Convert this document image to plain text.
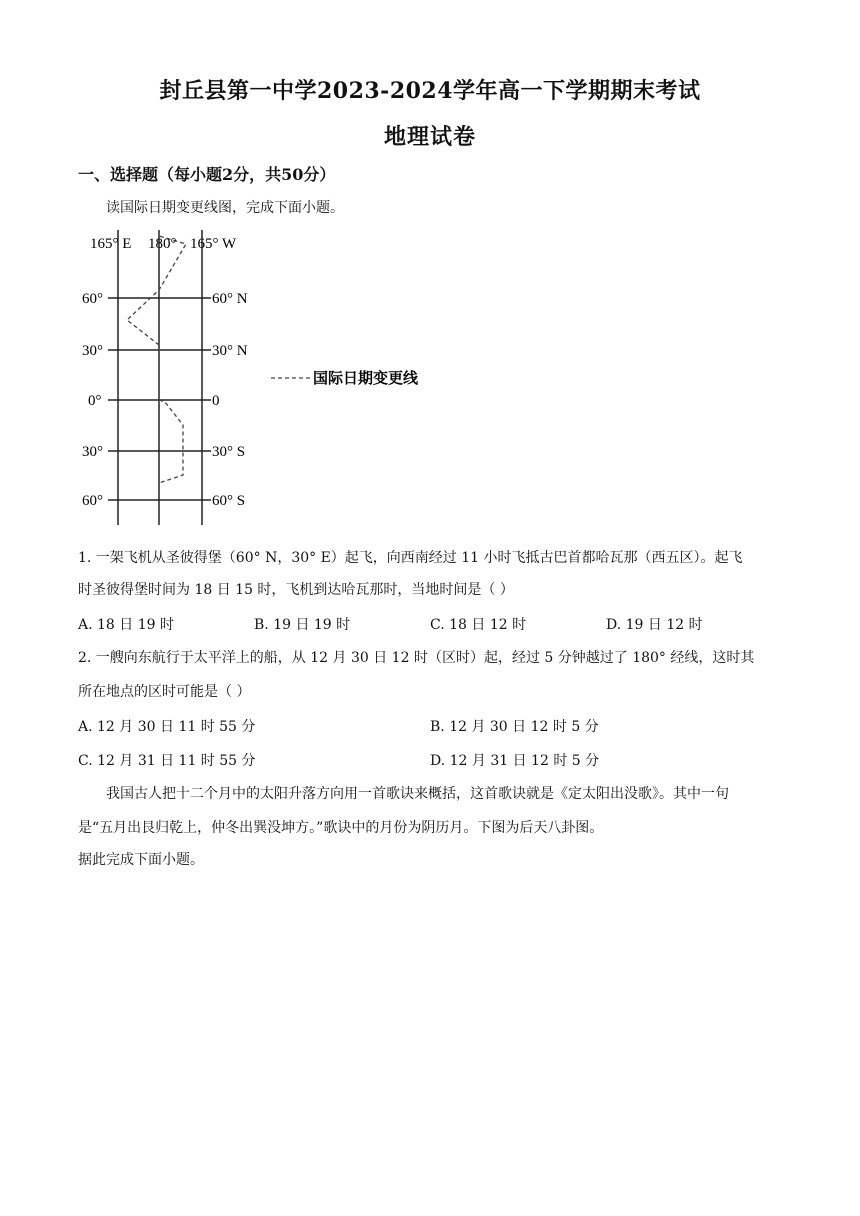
封丘县第一中学2023-2024学年高一下学期期末考试
地理试卷
一、选择题（每小题2分，共50分）
读国际日期变更线图，完成下面小题。
165° E 180° 165° W
60°
30°
0°
30°
60°
60° N
30° N
0
30° S
60° S
国际日期变更线
1. 一架飞机从圣彼得堡（60° N，30° E）起飞，向西南经过 11 小时飞抵古巴首都哈瓦那（西五区）。起飞
时圣彼得堡时间为 18 日 15 时，飞机到达哈瓦那时，当地时间是（ ）
A. 18 日 19 时	B. 19 日 19 时	C. 18 日 12 时	D. 19 日 12 时
2. 一艘向东航行于太平洋上的船，从 12 月 30 日 12 时（区时）起，经过 5 分钟越过了 180° 经线，这时其
所在地点的区时可能是（ ）
A. 12 月 30 日 11 时 55 分	B. 12 月 30 日 12 时 5 分
C. 12 月 31 日 11 时 55 分	D. 12 月 31 日 12 时 5 分
我国古人把十二个月中的太阳升落方向用一首歌诀来概括，这首歌诀就是《定太阳出没歌》。其中一句
是“五月出艮归乾上，仲冬出巽没坤方。”歌诀中的月份为阴历月。下图为后天八卦图。
据此完成下面小题。
